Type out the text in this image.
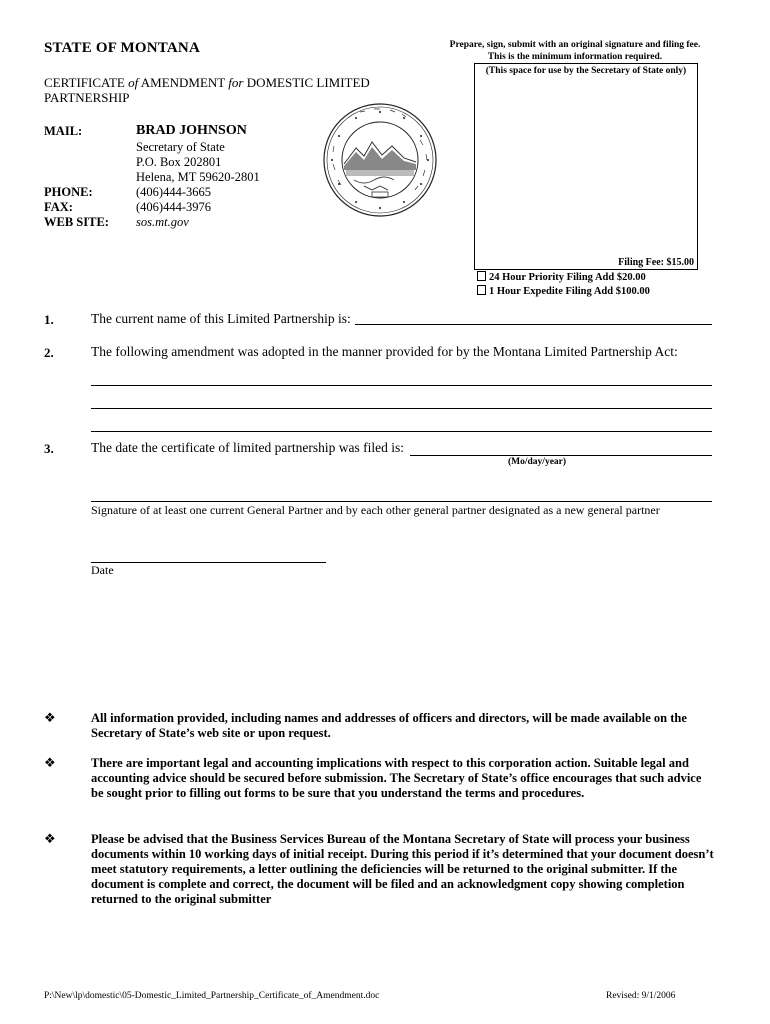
STATE OF MONTANA
CERTIFICATE of AMENDMENT for DOMESTIC LIMITED PARTNERSHIP
MAIL:	BRAD JOHNSON
Secretary of State
P.O. Box 202801
Helena, MT 59620-2801
PHONE:	(406)444-3665
FAX:	(406)444-3976
WEB SITE: sos.mt.gov
Prepare, sign, submit with an original signature and filing fee.
This is the minimum information required.
(This space for use by the Secretary of State only)
Filing Fee: $15.00
24 Hour Priority Filing Add $20.00
1 Hour Expedite Filing Add $100.00
1.	The current name of this Limited Partnership is:
2.	The following amendment was adopted in the manner provided for by the Montana Limited Partnership Act:
3.	The date the certificate of limited partnership was filed is:
(Mo/day/year)
Signature of at least one current General Partner and by each other general partner designated as a new general partner
Date
❖	All information provided, including names and addresses of officers and directors, will be made available on the Secretary of State’s web site or upon request.
❖	There are important legal and accounting implications with respect to this corporation action. Suitable legal and accounting advice should be secured before submission. The Secretary of State’s office encourages that such advice be sought prior to filling out forms to be sure that you understand the terms and procedures.
❖	Please be advised that the Business Services Bureau of the Montana Secretary of State will process your business documents within 10 working days of initial receipt. During this period if it’s determined that your document doesn’t meet statutory requirements, a letter outlining the deficiencies will be returned to the original submitter. If the document is complete and correct, the document will be filed and an acknowledgment copy showing completion returned to the original submitter
P:\New\lp\domestic\05-Domestic_Limited_Partnership_Certificate_of_Amendment.doc	Revised: 9/1/2006
